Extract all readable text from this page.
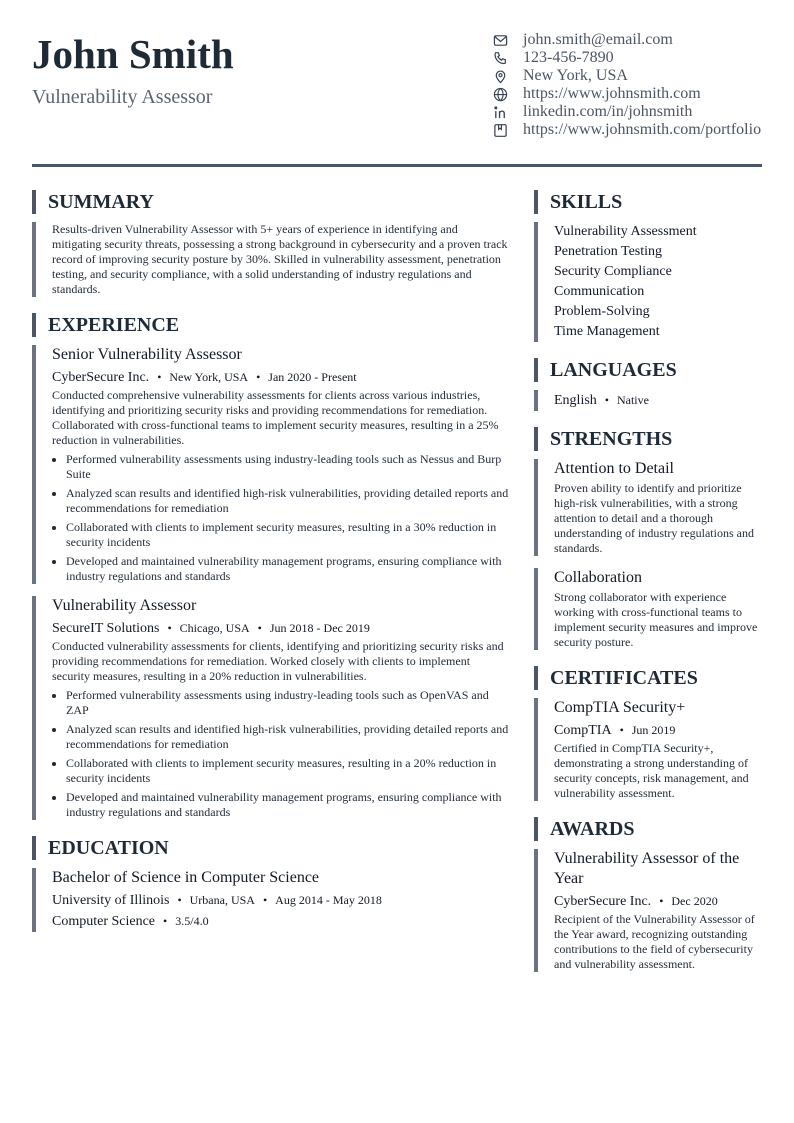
John Smith
Vulnerability Assessor
john.smith@email.com
123-456-7890
New York, USA
https://www.johnsmith.com
linkedin.com/in/johnsmith
https://www.johnsmith.com/portfolio
SUMMARY
Results-driven Vulnerability Assessor with 5+ years of experience in identifying and mitigating security threats, possessing a strong background in cybersecurity and a proven track record of improving security posture by 30%. Skilled in vulnerability assessment, penetration testing, and security compliance, with a solid understanding of industry regulations and standards.
EXPERIENCE
Senior Vulnerability Assessor
CyberSecure Inc. • New York, USA • Jan 2020 - Present
Conducted comprehensive vulnerability assessments for clients across various industries, identifying and prioritizing security risks and providing recommendations for remediation. Collaborated with cross-functional teams to implement security measures, resulting in a 25% reduction in vulnerabilities.
• Performed vulnerability assessments using industry-leading tools such as Nessus and Burp Suite
• Analyzed scan results and identified high-risk vulnerabilities, providing detailed reports and recommendations for remediation
• Collaborated with clients to implement security measures, resulting in a 30% reduction in security incidents
• Developed and maintained vulnerability management programs, ensuring compliance with industry regulations and standards
Vulnerability Assessor
SecureIT Solutions • Chicago, USA • Jun 2018 - Dec 2019
Conducted vulnerability assessments for clients, identifying and prioritizing security risks and providing recommendations for remediation. Worked closely with clients to implement security measures, resulting in a 20% reduction in vulnerabilities.
• Performed vulnerability assessments using industry-leading tools such as OpenVAS and ZAP
• Analyzed scan results and identified high-risk vulnerabilities, providing detailed reports and recommendations for remediation
• Collaborated with clients to implement security measures, resulting in a 20% reduction in security incidents
• Developed and maintained vulnerability management programs, ensuring compliance with industry regulations and standards
EDUCATION
Bachelor of Science in Computer Science
University of Illinois • Urbana, USA • Aug 2014 - May 2018
Computer Science • 3.5/4.0
SKILLS
Vulnerability Assessment
Penetration Testing
Security Compliance
Communication
Problem-Solving
Time Management
LANGUAGES
English • Native
STRENGTHS
Attention to Detail
Proven ability to identify and prioritize high-risk vulnerabilities, with a strong attention to detail and a thorough understanding of industry regulations and standards.
Collaboration
Strong collaborator with experience working with cross-functional teams to implement security measures and improve security posture.
CERTIFICATES
CompTIA Security+
CompTIA • Jun 2019
Certified in CompTIA Security+, demonstrating a strong understanding of security concepts, risk management, and vulnerability assessment.
AWARDS
Vulnerability Assessor of the Year
CyberSecure Inc. • Dec 2020
Recipient of the Vulnerability Assessor of the Year award, recognizing outstanding contributions to the field of cybersecurity and vulnerability assessment.
